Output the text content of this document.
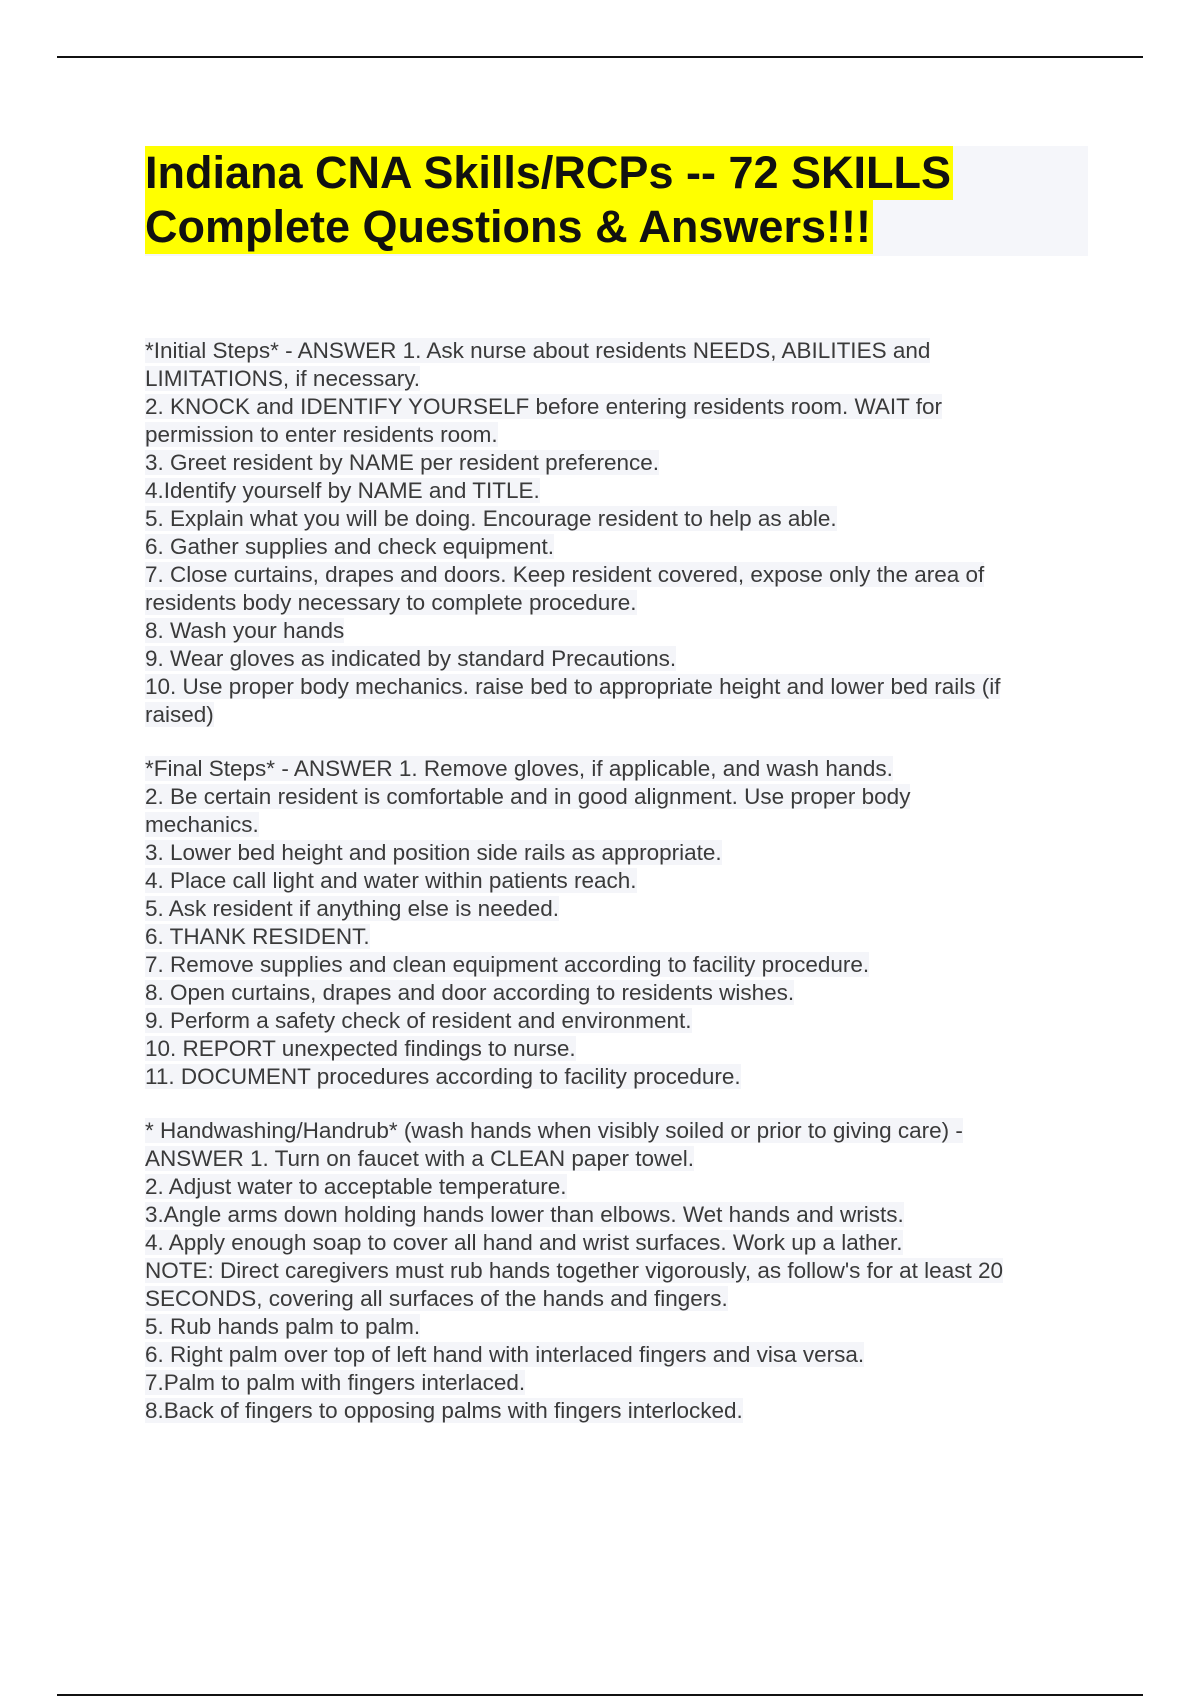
Indiana CNA Skills/RCPs -- 72 SKILLS
Complete Questions & Answers!!!
*Initial Steps* - ANSWER 1. Ask nurse about residents NEEDS, ABILITIES and
LIMITATIONS, if necessary.
2. KNOCK and IDENTIFY YOURSELF before entering residents room. WAIT for
permission to enter residents room.
3. Greet resident by NAME per resident preference.
4.Identify yourself by NAME and TITLE.
5. Explain what you will be doing. Encourage resident to help as able.
6. Gather supplies and check equipment.
7. Close curtains, drapes and doors. Keep resident covered, expose only the area of
residents body necessary to complete procedure.
8. Wash your hands
9. Wear gloves as indicated by standard Precautions.
10. Use proper body mechanics. raise bed to appropriate height and lower bed rails (if
raised)
*Final Steps* - ANSWER 1. Remove gloves, if applicable, and wash hands.
2. Be certain resident is comfortable and in good alignment. Use proper body
mechanics.
3. Lower bed height and position side rails as appropriate.
4. Place call light and water within patients reach.
5. Ask resident if anything else is needed.
6. THANK RESIDENT.
7. Remove supplies and clean equipment according to facility procedure.
8. Open curtains, drapes and door according to residents wishes.
9. Perform a safety check of resident and environment.
10. REPORT unexpected findings to nurse.
11. DOCUMENT procedures according to facility procedure.
* Handwashing/Handrub* (wash hands when visibly soiled or prior to giving care) -
ANSWER 1. Turn on faucet with a CLEAN paper towel.
2. Adjust water to acceptable temperature.
3.Angle arms down holding hands lower than elbows. Wet hands and wrists.
4. Apply enough soap to cover all hand and wrist surfaces. Work up a lather.
NOTE: Direct caregivers must rub hands together vigorously, as follow's for at least 20
SECONDS, covering all surfaces of the hands and fingers.
5. Rub hands palm to palm.
6. Right palm over top of left hand with interlaced fingers and visa versa.
7.Palm to palm with fingers interlaced.
8.Back of fingers to opposing palms with fingers interlocked.
